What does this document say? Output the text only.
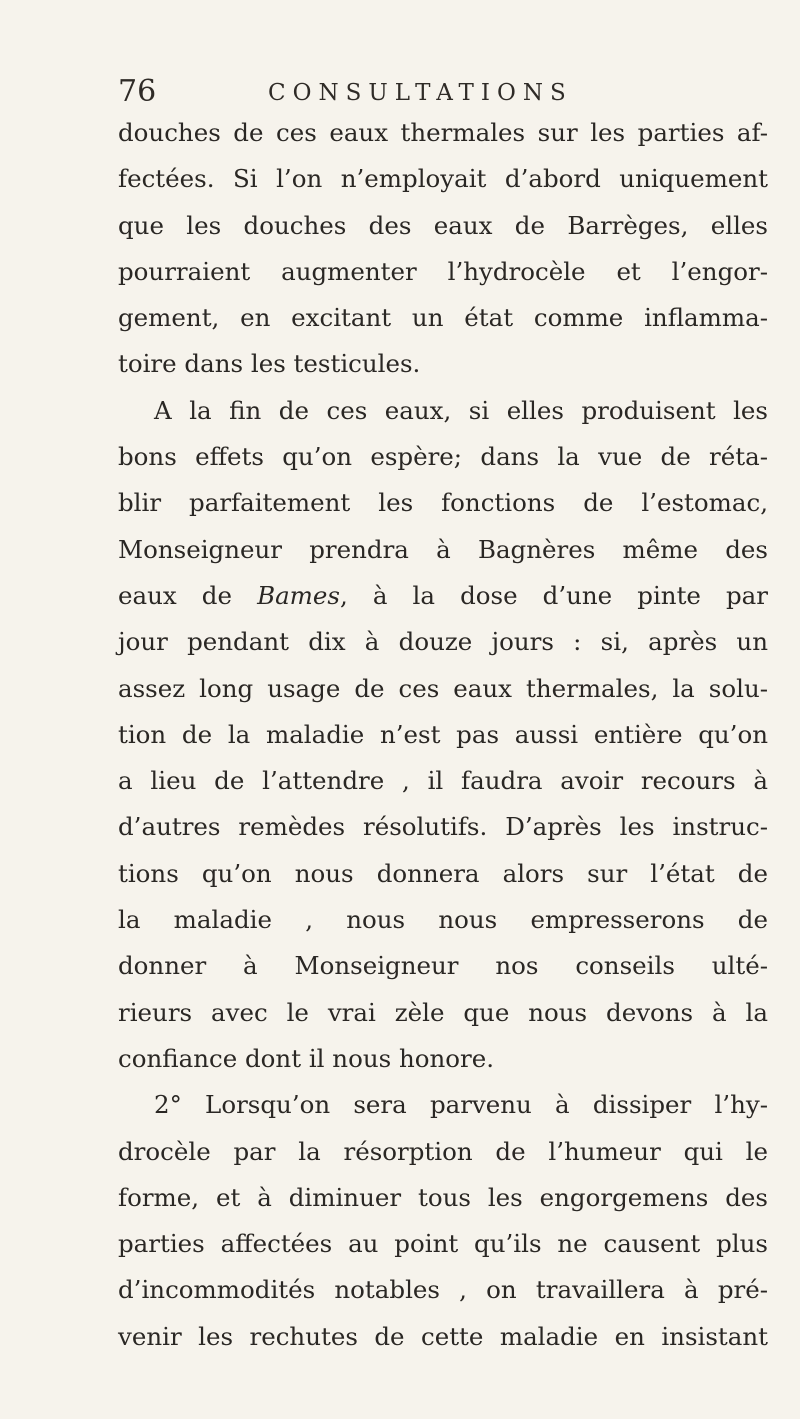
76	CONSULTATIONS
douches de ces eaux thermales sur les parties af-
fectées. Si l’on n’employait d’abord uniquement
que les douches des eaux de Barrèges, elles
pourraient augmenter l’hydrocèle et l’engor-
gement, en excitant un état comme inflamma-
toire dans les testicules.
A la fin de ces eaux, si elles produisent les
bons effets qu’on espère; dans la vue de réta-
blir parfaitement les fonctions de l’estomac,
Monseigneur prendra à Bagnères même des
eaux de Bames, à la dose d’une pinte par
jour pendant dix à douze jours : si, après un
assez long usage de ces eaux thermales, la solu-
tion de la maladie n’est pas aussi entière qu’on
a lieu de l’attendre , il faudra avoir recours à
d’autres remèdes résolutifs. D’après les instruc-
tions qu’on nous donnera alors sur l’état de
la maladie , nous nous empresserons de
donner à Monseigneur nos conseils ulté-
rieurs avec le vrai zèle que nous devons à la
confiance dont il nous honore.
2° Lorsqu’on sera parvenu à dissiper l’hy-
drocèle par la résorption de l’humeur qui le
forme, et à diminuer tous les engorgemens des
parties affectées au point qu’ils ne causent plus
d’incommodités notables , on travaillera à pré-
venir les rechutes de cette maladie en insistant
